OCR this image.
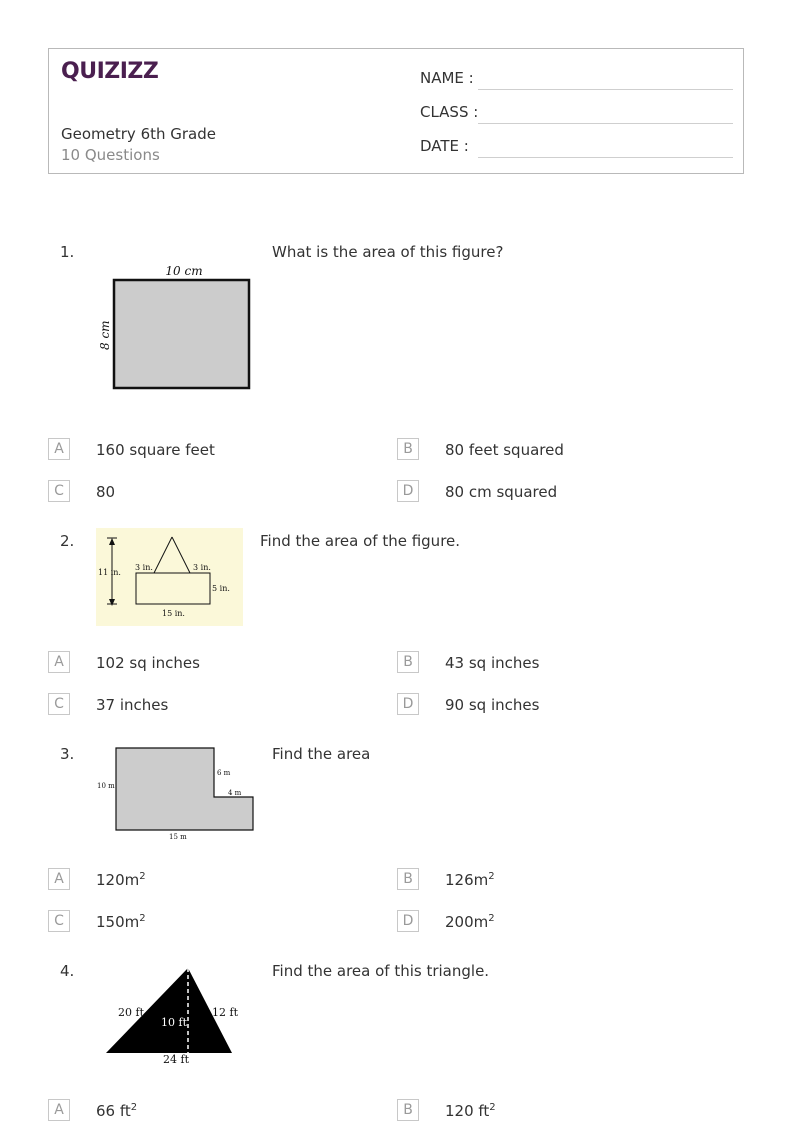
QUIZIZZ
Geometry 6th Grade
10 Questions
NAME :
CLASS :
DATE :
1.	What is the area of this figure?
10 cm
8 cm
A	160 square feet	B	80 feet squared
C	80	D	80 cm squared
2.	Find the area of the figure.
11 in.
3 in.	3 in.
5 in.
15 in.
A	102 sq inches	B	43 sq inches
C	37 inches	D	90 sq inches
3.	Find the area
10 m
6 m
4 m
15 m
A	$120m^2$	B	$126m^2$
C	$150m^2$	D	$200m^2$
4.	Find the area of this triangle.
20 ft
10 ft
12 ft
24 ft
A	66 $ft^2$	B	120 $ft^2$
